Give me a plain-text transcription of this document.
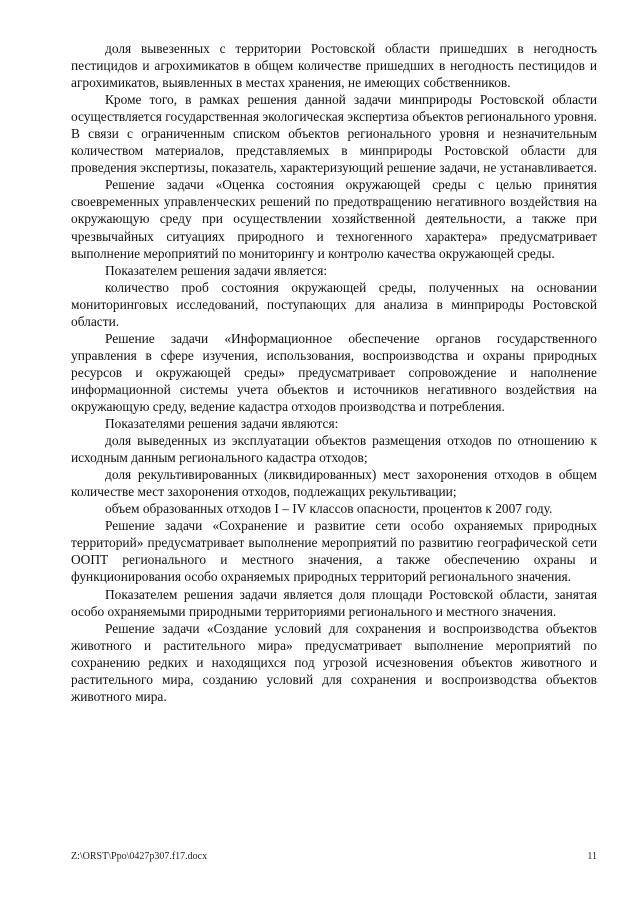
доля вывезенных с территории Ростовской области пришедших в негодность пестицидов и агрохимикатов в общем количестве пришедших в негодность пестицидов и агрохимикатов, выявленных в местах хранения, не имеющих собственников.

Кроме того, в рамках решения данной задачи минприроды Ростовской области осуществляется государственная экологическая экспертиза объектов регионального уровня. В связи с ограниченным списком объектов регионального уровня и незначительным количеством материалов, представляемых в минприроды Ростовской области для проведения экспертизы, показатель, характеризующий решение задачи, не устанавливается.

Решение задачи «Оценка состояния окружающей среды с целью принятия своевременных управленческих решений по предотвращению негативного воздействия на окружающую среду при осуществлении хозяйственной деятельности, а также при чрезвычайных ситуациях природного и техногенного характера» предусматривает выполнение мероприятий по мониторингу и контролю качества окружающей среды.

Показателем решения задачи является:

количество проб состояния окружающей среды, полученных на основании мониторинговых исследований, поступающих для анализа в минприроды Ростовской области.

Решение задачи «Информационное обеспечение органов государственного управления в сфере изучения, использования, воспроизводства и охраны природных ресурсов и окружающей среды» предусматривает сопровождение и наполнение информационной системы учета объектов и источников негативного воздействия на окружающую среду, ведение кадастра отходов производства и потребления.

Показателями решения задачи являются:

доля выведенных из эксплуатации объектов размещения отходов по отношению к исходным данным регионального кадастра отходов;

доля рекультивированных (ликвидированных) мест захоронения отходов в общем количестве мест захоронения отходов, подлежащих рекультивации;

объем образованных отходов I – IV классов опасности, процентов к 2007 году.

Решение задачи «Сохранение и развитие сети особо охраняемых природных территорий» предусматривает выполнение мероприятий по развитию географической сети ООПТ регионального и местного значения, а также обеспечению охраны и функционирования особо охраняемых природных территорий регионального значения.

Показателем решения задачи является доля площади Ростовской области, занятая особо охраняемыми природными территориями регионального и местного значения.

Решение задачи «Создание условий для сохранения и воспроизводства объектов животного и растительного мира» предусматривает выполнение мероприятий по сохранению редких и находящихся под угрозой исчезновения объектов животного и растительного мира, созданию условий для сохранения и воспроизводства объектов животного мира.

Z:\ORST\Ppo\0427p307.f17.docx	11
